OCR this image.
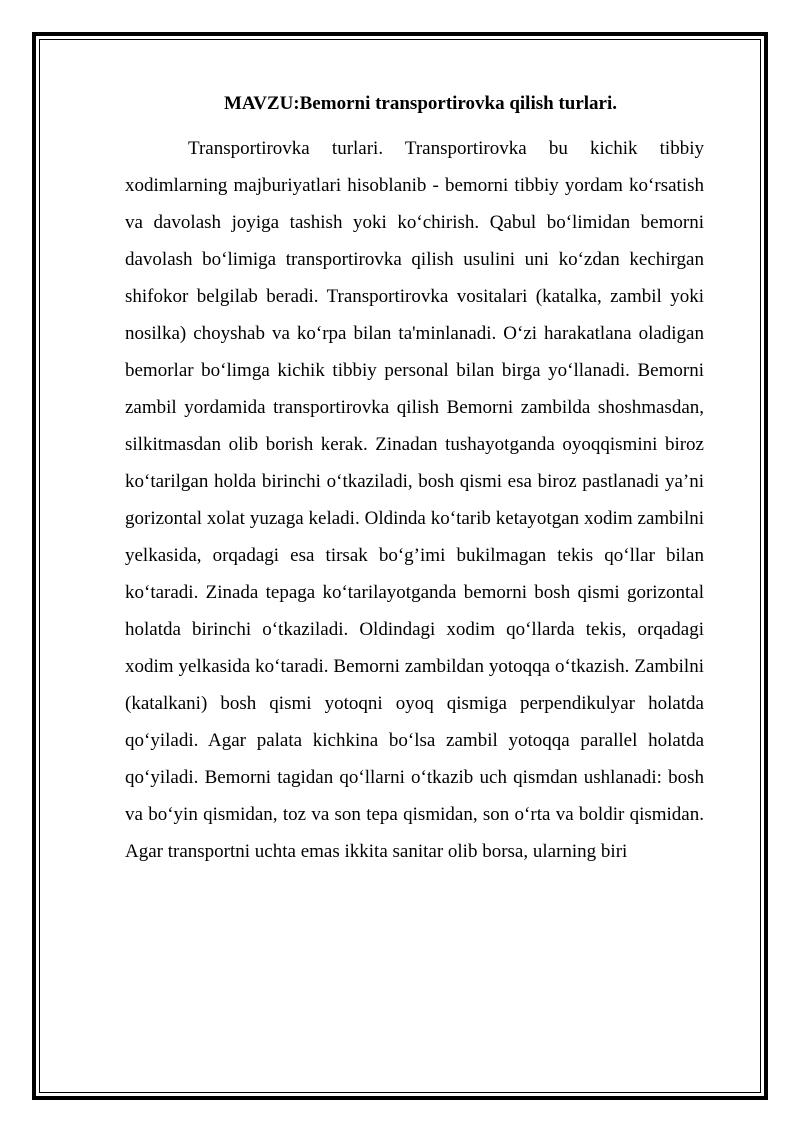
MAVZU:Bemorni transportirovka qilish turlari.

Transportirovka turlari. Transportirovka bu kichik tibbiy xodimlarning majburiyatlari hisoblanib - bemorni tibbiy yordam koʻrsatish va davolash joyiga tashish yoki koʻchirish. Qabul boʻlimidan bemorni davolash boʻlimiga transportirovka qilish usulini uni koʻzdan kechirgan shifokor belgilab beradi. Transportirovka vositalari (katalka, zambil yoki nosilka) choyshab va koʻrpa bilan ta'minlanadi. Oʻzi harakatlana oladigan bemorlar boʻlimga kichik tibbiy personal bilan birga yoʻllanadi. Bemorni zambil yordamida transportirovka qilish Bemorni zambilda shoshmasdan, silkitmasdan olib borish kerak. Zinadan tushayotganda oyoqqismini biroz koʻtarilgan holda birinchi oʻtkaziladi, bosh qismi esa biroz pastlanadi ya’ni gorizontal xolat yuzaga keladi. Oldinda koʻtarib ketayotgan xodim zambilni yelkasida, orqadagi esa tirsak boʻg’imi bukilmagan tekis qoʻllar bilan koʻtaradi. Zinada tepaga koʻtarilayotganda bemorni bosh qismi gorizontal holatda birinchi oʻtkaziladi. Oldindagi xodim qoʻllarda tekis, orqadagi xodim yelkasida koʻtaradi. Bemorni zambildan yotoqqa oʻtkazish. Zambilni (katalkani) bosh qismi yotoqni oyoq qismiga perpendikulyar holatda qoʻyiladi. Agar palata kichkina boʻlsa zambil yotoqqa parallel holatda qoʻyiladi. Bemorni tagidan qoʻllarni oʻtkazib uch qismdan ushlanadi: bosh va boʻyin qismidan, toz va son tepa qismidan, son oʻrta va boldir qismidan. Agar transportni uchta emas ikkita sanitar olib borsa, ularning biri
